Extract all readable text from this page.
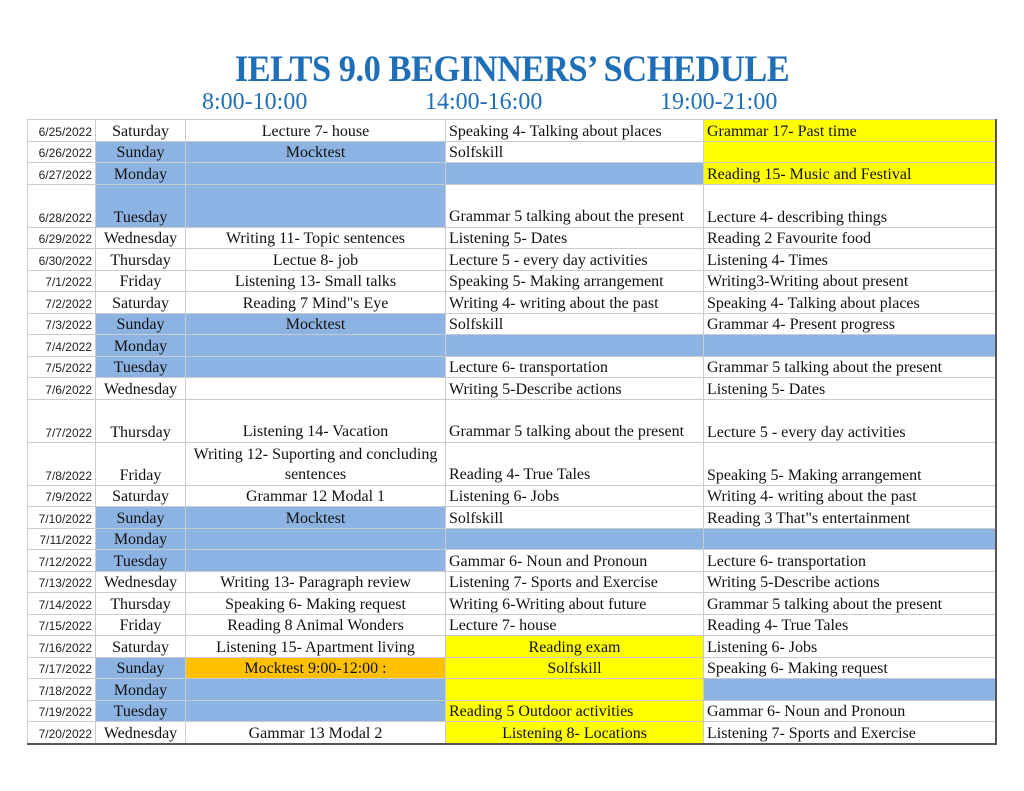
IELTS 9.0 BEGINNERS’ SCHEDULE
8:00-10:00	14:00-16:00	19:00-21:00
6/25/2022	Saturday	Lecture 7- house	Speaking 4- Talking about places	Grammar 17- Past time
6/26/2022	Sunday	Mocktest	Solfskill	
6/27/2022	Monday			Reading 15- Music and Festival
6/28/2022	Tuesday		Grammar 5 talking about the present	Lecture 4- describing things
6/29/2022	Wednesday	Writing 11- Topic sentences	Listening 5- Dates	Reading 2 Favourite food
6/30/2022	Thursday	Lectue 8- job	Lecture 5 - every day activities	Listening 4- Times
7/1/2022	Friday	Listening 13- Small talks	Speaking 5- Making arrangement	Writing3-Writing about present
7/2/2022	Saturday	Reading 7 Mind"s Eye	Writing 4- writing about the past	Speaking 4- Talking about places
7/3/2022	Sunday	Mocktest	Solfskill	Grammar 4- Present progress
7/4/2022	Monday			
7/5/2022	Tuesday		Lecture 6- transportation	Grammar 5 talking about the present
7/6/2022	Wednesday		Writing 5-Describe actions	Listening 5- Dates
7/7/2022	Thursday	Listening 14- Vacation	Grammar 5 talking about the present	Lecture 5 - every day activities
7/8/2022	Friday	Writing 12- Suporting and concluding sentences	Reading 4- True Tales	Speaking 5- Making arrangement
7/9/2022	Saturday	Grammar 12 Modal 1	Listening 6- Jobs	Writing 4- writing about the past
7/10/2022	Sunday	Mocktest	Solfskill	Reading 3 That"s entertainment
7/11/2022	Monday			
7/12/2022	Tuesday		Gammar 6- Noun and Pronoun	Lecture 6- transportation
7/13/2022	Wednesday	Writing 13- Paragraph review	Listening 7- Sports and Exercise	Writing 5-Describe actions
7/14/2022	Thursday	Speaking 6- Making request	Writing 6-Writing about future	Grammar 5 talking about the present
7/15/2022	Friday	Reading 8 Animal Wonders	Lecture 7- house	Reading 4- True Tales
7/16/2022	Saturday	Listening 15- Apartment living	Reading exam	Listening 6- Jobs
7/17/2022	Sunday	Mocktest 9:00-12:00 :	Solfskill	Speaking 6- Making request
7/18/2022	Monday			
7/19/2022	Tuesday		Reading 5 Outdoor activities	Gammar 6- Noun and Pronoun
7/20/2022	Wednesday	Gammar 13 Modal 2	Listening 8- Locations	Listening 7- Sports and Exercise
